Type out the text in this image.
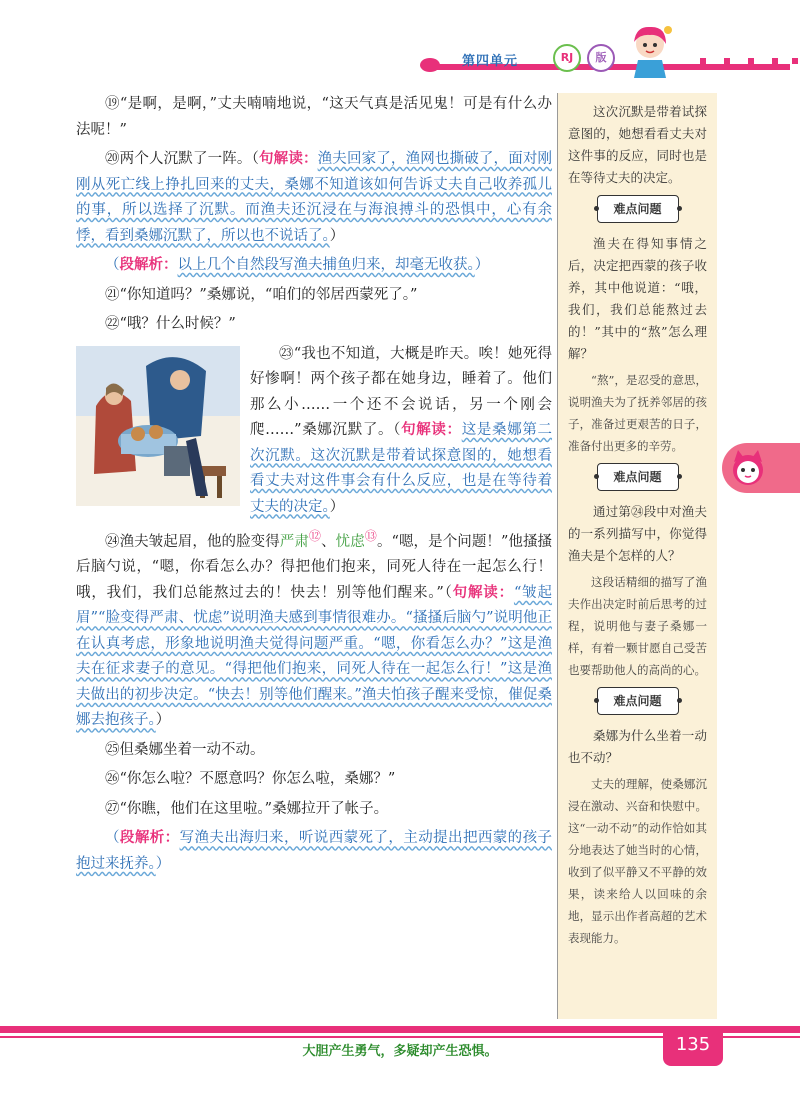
第四单元	RJ	版

⑲“是啊，是啊，”丈夫喃喃地说，“这天气真是活见鬼！可是有什么办法呢！”

⑳两个人沉默了一阵。（句解读：渔夫回家了，渔网也撕破了，面对刚刚从死亡线上挣扎回来的丈夫，桑娜不知道该如何告诉丈夫自己收养孤儿的事，所以选择了沉默。而渔夫还沉浸在与海浪搏斗的恐惧中，心有余悸，看到桑娜沉默了，所以也不说话了。）

（段解析：以上几个自然段写渔夫捕鱼归来，却毫无收获。）

㉑“你知道吗？”桑娜说，“咱们的邻居西蒙死了。”

㉒“哦？什么时候？”

㉓“我也不知道，大概是昨天。唉！她死得好惨啊！两个孩子都在她身边，睡着了。他们那么小……一个还不会说话，另一个刚会爬……”桑娜沉默了。（句解读：这是桑娜第二次沉默。这次沉默是带着试探意图的，她想看看丈夫对这件事会有什么反应，也是在等待着丈夫的决定。）

㉔渔夫皱起眉，他的脸变得严肃⑫、忧虑⑬。“嗯，是个问题！”他搔搔后脑勺说，“嗯，你看怎么办？得把他们抱来，同死人待在一起怎么行！哦，我们，我们总能熬过去的！快去！别等他们醒来。”（句解读：“皱起眉”“脸变得严肃、忧虑”说明渔夫感到事情很难办。“搔搔后脑勺”说明他正在认真考虑，形象地说明渔夫觉得问题严重。“嗯，你看怎么办？”这是渔夫在征求妻子的意见。“得把他们抱来，同死人待在一起怎么行！”这是渔夫做出的初步决定。“快去！别等他们醒来。”渔夫怕孩子醒来受惊，催促桑娜去抱孩子。）

㉕但桑娜坐着一动不动。

㉖“你怎么啦？不愿意吗？你怎么啦，桑娜？”

㉗“你瞧，他们在这里啦。”桑娜拉开了帐子。

（段解析：写渔夫出海归来，听说西蒙死了，主动提出把西蒙的孩子抱过来抚养。）

这次沉默是带着试探意图的，她想看看丈夫对这件事的反应，同时也是在等待丈夫的决定。

难点问题

渔夫在得知事情之后，决定把西蒙的孩子收养，其中他说道：“哦，我们，我们总能熬过去的！”其中的“熬”怎么理解？

“熬”，是忍受的意思，说明渔夫为了抚养邻居的孩子，准备过更艰苦的日子，准备付出更多的辛劳。

难点问题

通过第㉔段中对渔夫的一系列描写中，你觉得渔夫是个怎样的人？

这段话精细的描写了渔夫作出决定时前后思考的过程，说明他与妻子桑娜一样，有着一颗甘愿自己受苦也要帮助他人的高尚的心。

难点问题

桑娜为什么坐着一动也不动？

丈夫的理解，使桑娜沉浸在激动、兴奋和快慰中。这“一动不动”的动作恰如其分地表达了她当时的心情，收到了似平静又不平静的效果，读来给人以回味的余地，显示出作者高超的艺术表现能力。

大胆产生勇气，多疑却产生恐惧。	135
